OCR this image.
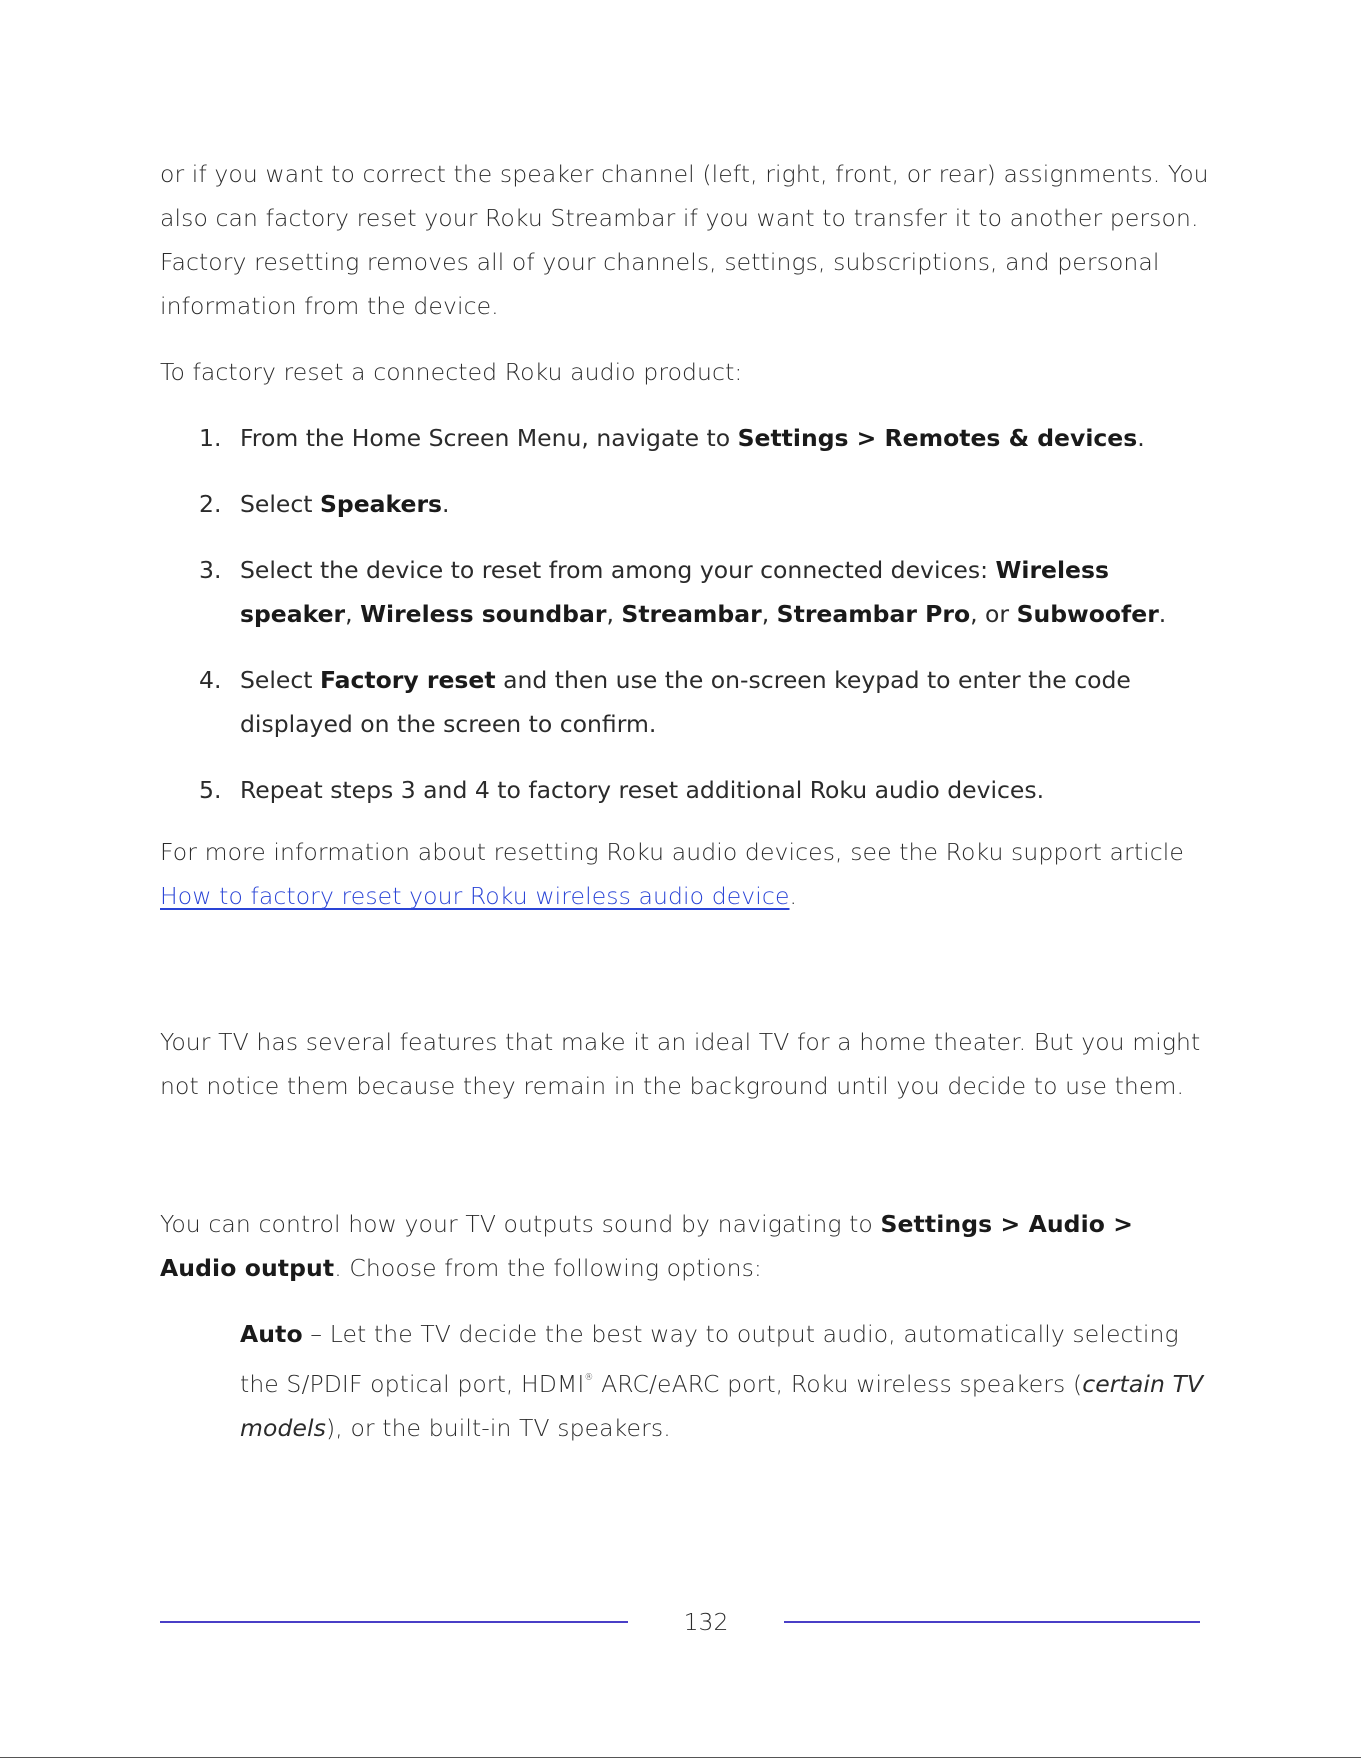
or if you want to correct the speaker channel (left, right, front, or rear) assignments. You also can factory reset your Roku Streambar if you want to transfer it to another person. Factory resetting removes all of your channels, settings, subscriptions, and personal information from the device.

To factory reset a connected Roku audio product:

1. From the Home Screen Menu, navigate to Settings > Remotes & devices.
2. Select Speakers.
3. Select the device to reset from among your connected devices: Wireless speaker, Wireless soundbar, Streambar, Streambar Pro, or Subwoofer.
4. Select Factory reset and then use the on-screen keypad to enter the code displayed on the screen to confirm.
5. Repeat steps 3 and 4 to factory reset additional Roku audio devices.

For more information about resetting Roku audio devices, see the Roku support article How to factory reset your Roku wireless audio device.

Your TV has several features that make it an ideal TV for a home theater. But you might not notice them because they remain in the background until you decide to use them.

You can control how your TV outputs sound by navigating to Settings > Audio > Audio output. Choose from the following options:

Auto – Let the TV decide the best way to output audio, automatically selecting the S/PDIF optical port, HDMI® ARC/eARC port, Roku wireless speakers (certain TV models), or the built-in TV speakers.

132
